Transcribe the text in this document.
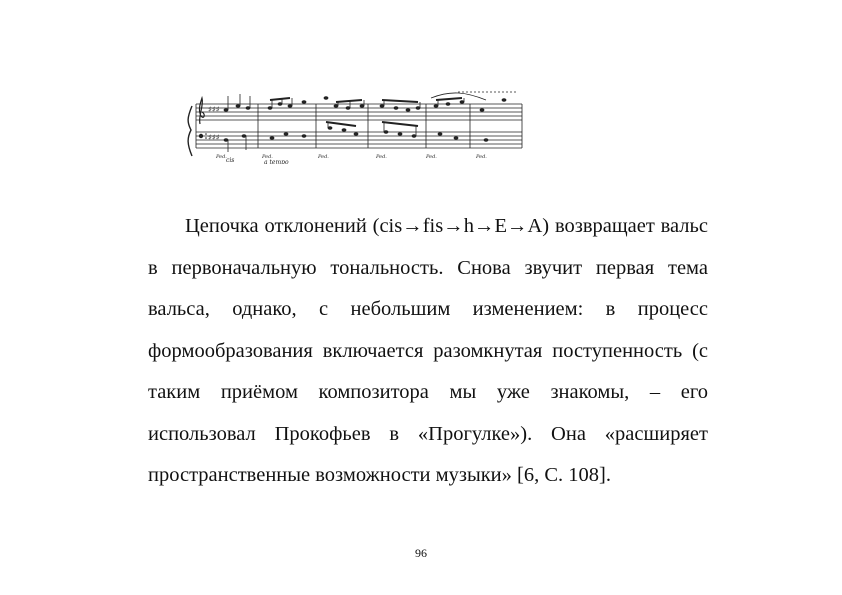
♯♯♯
♯♯♯
Ped.	Ped.	Ped.	Ped.	Ped.	Ped.
cis	a tempo

Цепочка отклонений (cis→fis→h→E→A) возвращает вальс в первоначальную тональность. Снова звучит первая тема вальса, однако, с небольшим изменением: в процесс формообразования включается разомкнутая поступенность (с таким приёмом композитора мы уже знакомы, – его использовал Прокофьев в «Прогулке»). Она «расширяет пространственные возможности музыки» [6, С. 108].

96
